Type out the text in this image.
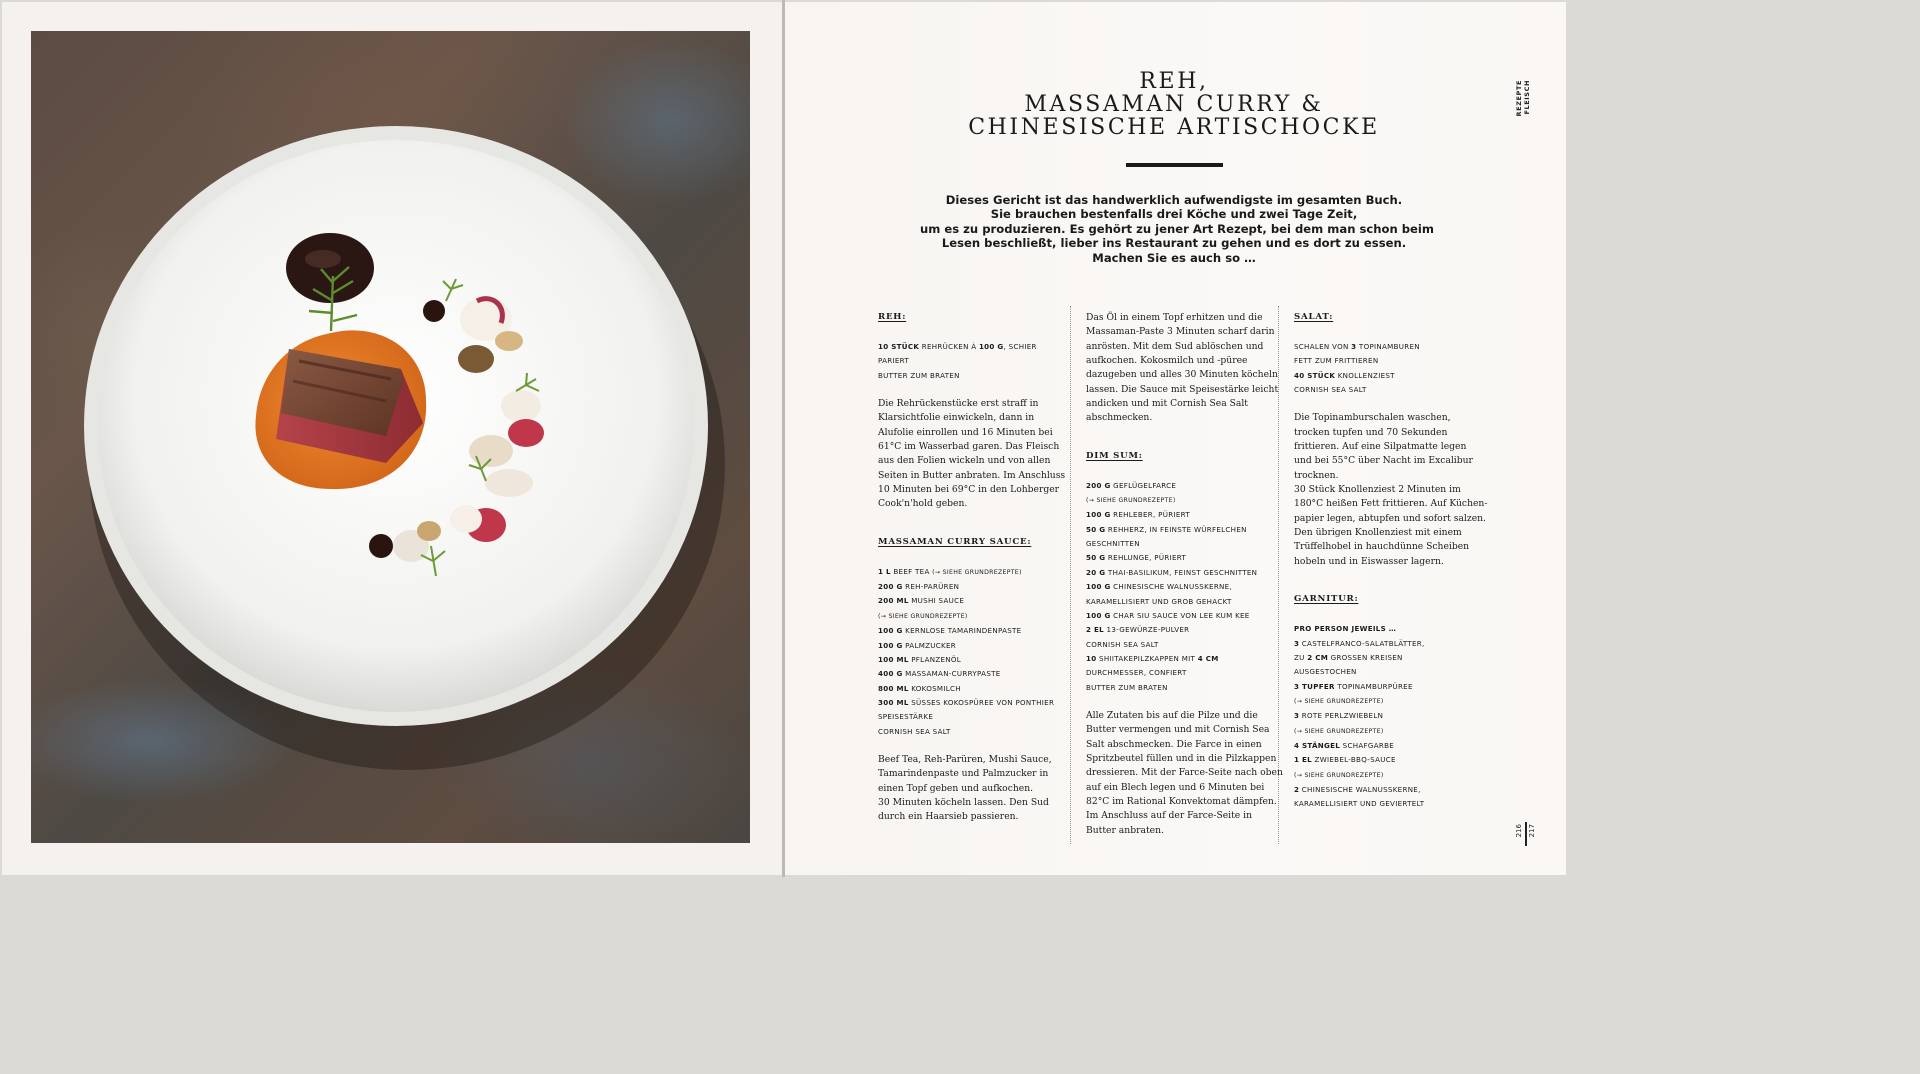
REH,
MASSAMAN CURRY &
CHINESISCHE ARTISCHOCKE

Dieses Gericht ist das handwerklich aufwendigste im gesamten Buch.
Sie brauchen bestenfalls drei Köche und zwei Tage Zeit,
um es zu produzieren. Es gehört zu jener Art Rezept, bei dem man schon beim
Lesen beschließt, lieber ins Restaurant zu gehen und es dort zu essen.
Machen Sie es auch so …

REZEPTE FLEISCH

REH:

10 STÜCK REHRÜCKEN À 100 G, SCHIER
PARIERT
BUTTER ZUM BRATEN
Die Rehrückenstücke erst straff in
Klarsichtfolie einwickeln, dann in
Alufolie einrollen und 16 Minuten bei
61°C im Wasserbad garen. Das Fleisch
aus den Folien wickeln und von allen
Seiten in Butter anbraten. Im Anschluss
10 Minuten bei 69°C in den Lohberger
Cook'n'hold geben.

MASSAMAN CURRY SAUCE:

1 L BEEF TEA (→ SIEHE GRUNDREZEPTE)
200 G REH-PARÜREN
200 ML MUSHI SAUCE
(→ SIEHE GRUNDREZEPTE)
100 G KERNLOSE TAMARINDENPASTE
100 G PALMZUCKER
100 ML PFLANZENÖL
400 G MASSAMAN-CURRYPASTE
800 ML KOKOSMILCH
300 ML SÜSSES KOKOSPÜREE VON PONTHIER
SPEISESTÄRKE
CORNISH SEA SALT
Beef Tea, Reh-Parüren, Mushi Sauce,
Tamarindenpaste und Palmzucker in
einen Topf geben und aufkochen.
30 Minuten köcheln lassen. Den Sud
durch ein Haarsieb passieren.
Das Öl in einem Topf erhitzen und die
Massaman-Paste 3 Minuten scharf darin
anrösten. Mit dem Sud ablöschen und
aufkochen. Kokosmilch und -püree
dazugeben und alles 30 Minuten köcheln
lassen. Die Sauce mit Speisestärke leicht
andicken und mit Cornish Sea Salt
abschmecken.

DIM SUM:

200 G GEFLÜGELFARCE
(→ SIEHE GRUNDREZEPTE)
100 G REHLEBER, PÜRIERT
50 G REHHERZ, IN FEINSTE WÜRFELCHEN
GESCHNITTEN
50 G REHLUNGE, PÜRIERT
20 G THAI-BASILIKUM, FEINST GESCHNITTEN
100 G CHINESISCHE WALNUSSKERNE,
KARAMELLISIERT UND GROB GEHACKT
100 G CHAR SIU SAUCE VON LEE KUM KEE
2 EL 13-GEWÜRZE-PULVER
CORNISH SEA SALT
10 SHIITAKEPILZKAPPEN MIT 4 CM
DURCHMESSER, CONFIERT
BUTTER ZUM BRATEN
Alle Zutaten bis auf die Pilze und die
Butter vermengen und mit Cornish Sea
Salt abschmecken. Die Farce in einen
Spritzbeutel füllen und in die Pilzkappen
dressieren. Mit der Farce-Seite nach oben
auf ein Blech legen und 6 Minuten bei
82°C im Rational Konvektomat dämpfen.
Im Anschluss auf der Farce-Seite in
Butter anbraten.

SALAT:

SCHALEN VON 3 TOPINAMBUREN
FETT ZUM FRITTIEREN
40 STÜCK KNOLLENZIEST
CORNISH SEA SALT
Die Topinamburschalen waschen,
trocken tupfen und 70 Sekunden
frittieren. Auf eine Silpatmatte legen
und bei 55°C über Nacht im Excalibur
trocknen.
30 Stück Knollenziest 2 Minuten im
180°C heißen Fett frittieren. Auf Küchen-
papier legen, abtupfen und sofort salzen.
Den übrigen Knollenziest mit einem
Trüffelhobel in hauchdünne Scheiben
hobeln und in Eiswasser lagern.

GARNITUR:

PRO PERSON JEWEILS …
3 CASTELFRANCO-SALATBLÄTTER,
ZU 2 CM GROSSEN KREISEN
AUSGESTOCHEN
3 TUPFER TOPINAMBURPÜREE
(→ SIEHE GRUNDREZEPTE)
3 ROTE PERLZWIEBELN
(→ SIEHE GRUNDREZEPTE)
4 STÄNGEL SCHAFGARBE
1 EL ZWIEBEL-BBQ-SAUCE
(→ SIEHE GRUNDREZEPTE)
2 CHINESISCHE WALNUSSKERNE,
KARAMELLISIERT UND GEVIERTELT
216 217
